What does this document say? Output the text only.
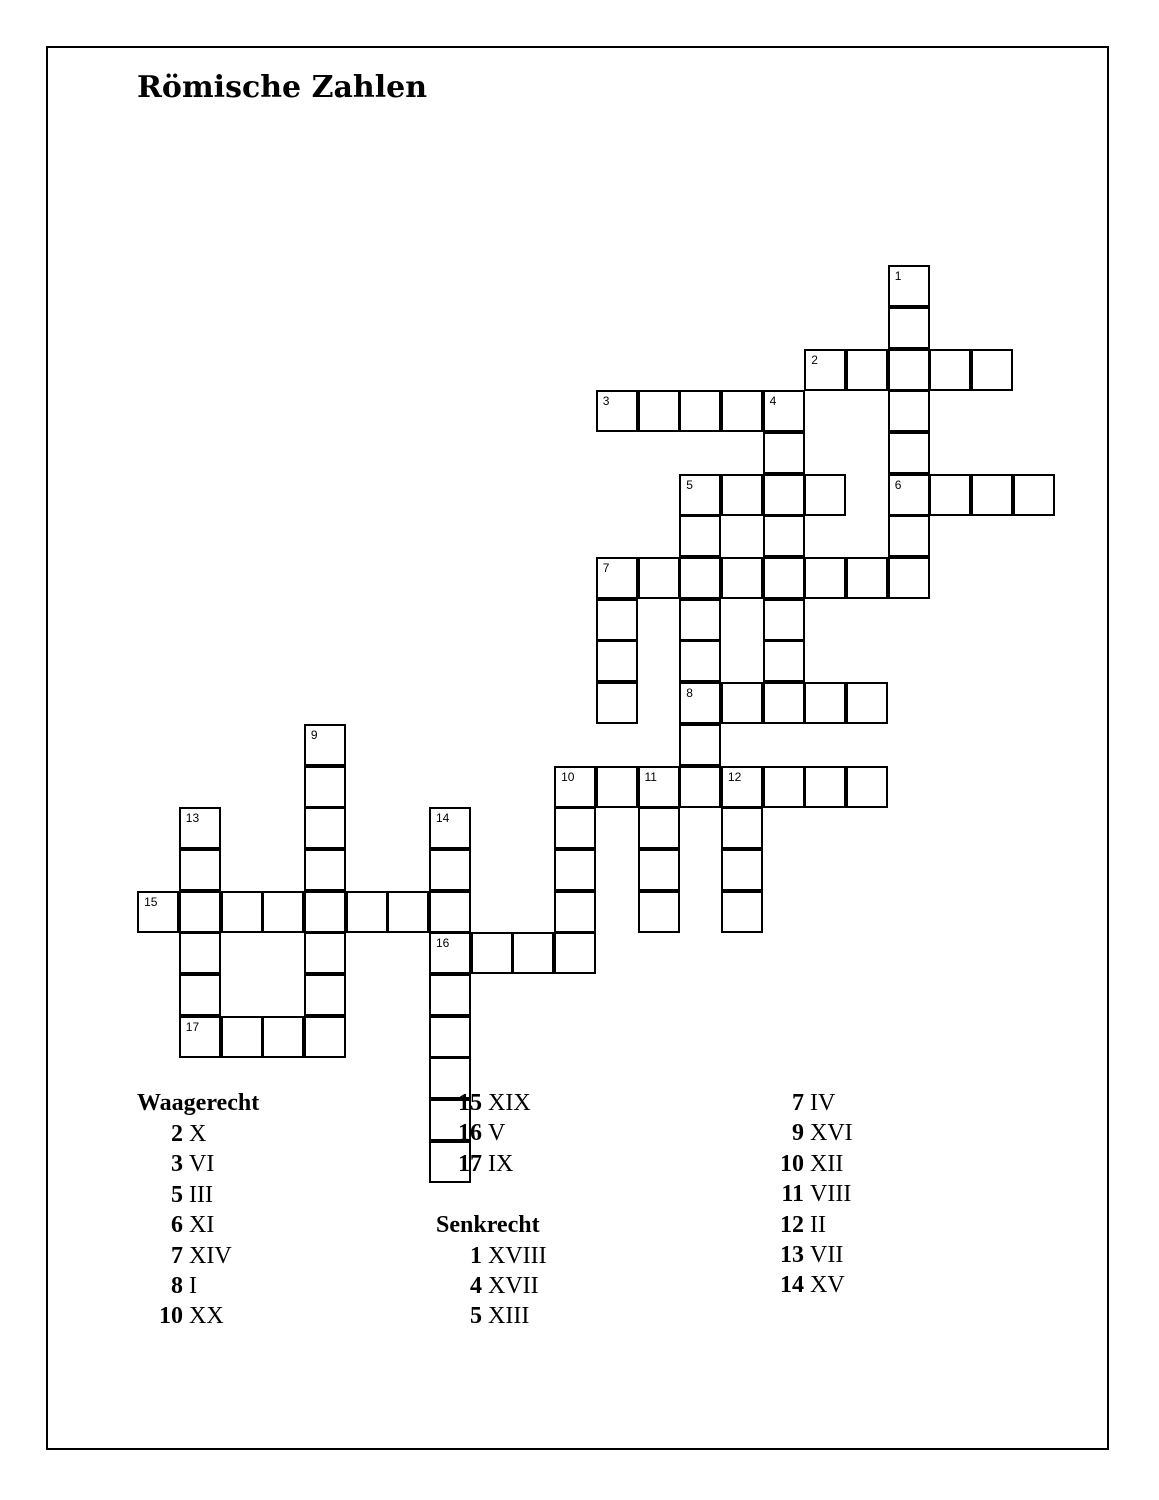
Römische Zahlen
1
6
2
3	4
5
7
8
10	11	12
9
13
17
15
14
16
Waagerecht
2 X
3 VI
5 III
6 XI
7 XIV
8 I
10 XX
15 XIX
16 V
17 IX
Senkrecht
1 XVIII
4 XVII
5 XIII
7 IV
9 XVI
10 XII
11 VIII
12 II
13 VII
14 XV
